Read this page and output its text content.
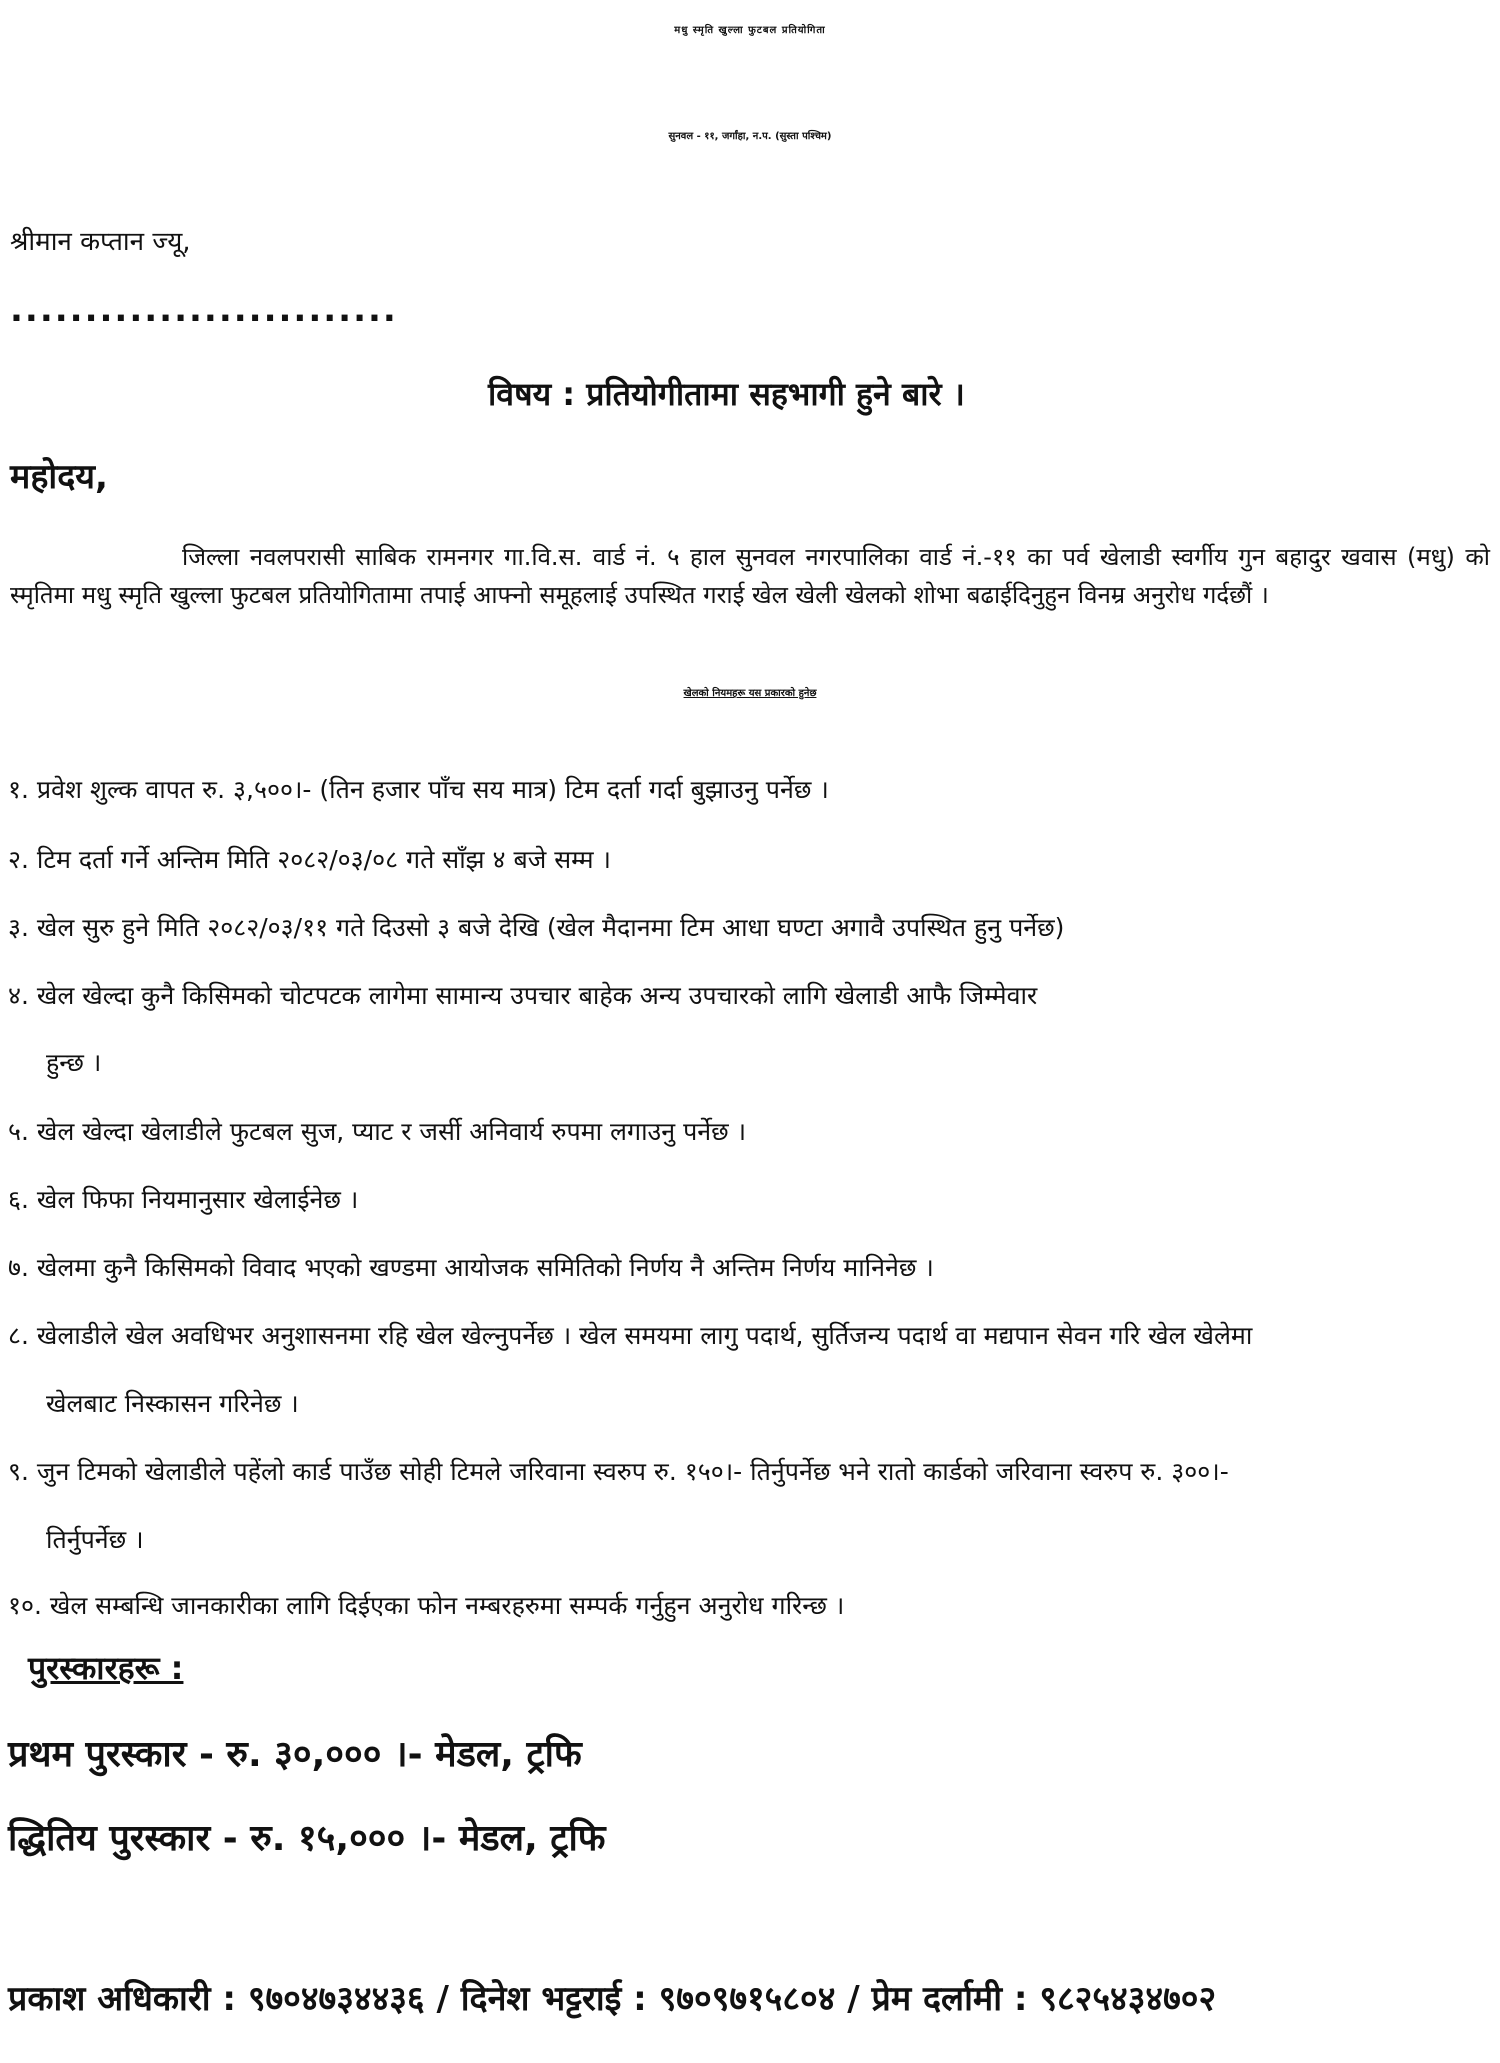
मधु स्मृति खुल्ला फुटबल प्रतियोगिता
सुनवल - ११, जर्गांहा, न.प. (सुस्ता पश्चिम)
श्रीमान कप्तान ज्यू,
..........................
विषय : प्रतियोगीतामा सहभागी हुने बारे ।
महोदय,
जिल्ला नवलपरासी साबिक रामनगर गा.वि.स. वार्ड नं. ५ हाल सुनवल नगरपालिका वार्ड नं.-११ का पर्व खेलाडी स्वर्गीय गुन बहादुर खवास (मधु) को स्मृतिमा मधु स्मृति खुल्ला फुटबल प्रतियोगितामा तपाई आफ्नो समूहलाई उपस्थित गराई खेल खेली खेलको शोभा बढाईदिनुहुन विनम्र अनुरोध गर्दछौं ।
खेलको नियमहरू यस प्रकारको हुनेछ
१. प्रवेश शुल्क वापत रु. ३,५००।- (तिन हजार पाँच सय मात्र) टिम दर्ता गर्दा बुझाउनु पर्नेछ ।
२. टिम दर्ता गर्ने अन्तिम मिति २०८२/०३/०८ गते साँझ ४ बजे सम्म ।
३. खेल सुरु हुने मिति २०८२/०३/११ गते दिउसो ३ बजे देखि (खेल मैदानमा टिम आधा घण्टा अगावै उपस्थित हुनु पर्नेछ)
४. खेल खेल्दा कुनै किसिमको चोटपटक लागेमा सामान्य उपचार बाहेक अन्य उपचारको लागि खेलाडी आफै जिम्मेवार
हुन्छ ।
५. खेल खेल्दा खेलाडीले फुटबल सुज, प्याट र जर्सी अनिवार्य रुपमा लगाउनु पर्नेछ ।
६. खेल फिफा नियमानुसार खेलाईनेछ ।
७. खेलमा कुनै किसिमको विवाद भएको खण्डमा आयोजक समितिको निर्णय नै अन्तिम निर्णय मानिनेछ ।
८. खेलाडीले खेल अवधिभर अनुशासनमा रहि खेल खेल्नुपर्नेछ । खेल समयमा लागु पदार्थ, सुर्तिजन्य पदार्थ वा मद्यपान सेवन गरि खेल खेलेमा
खेलबाट निस्कासन गरिनेछ ।
९. जुन टिमको खेलाडीले पहेंलो कार्ड पाउँछ सोही टिमले जरिवाना स्वरुप रु. १५०।- तिर्नुपर्नेछ भने रातो कार्डको जरिवाना स्वरुप रु. ३००।-
तिर्नुपर्नेछ ।
१०. खेल सम्बन्धि जानकारीका लागि दिईएका फोन नम्बरहरुमा सम्पर्क गर्नुहुन अनुरोध गरिन्छ ।
पुरस्कारहरू :
प्रथम पुरस्कार - रु. ३०,००० ।- मेडल, ट्रफि
द्धितिय पुरस्कार - रु. १५,००० ।- मेडल, ट्रफि
प्रकाश अधिकारी : ९७०४७३४४३६ / दिनेश भट्टराई : ९७०९७१५८०४ / प्रेम दर्लामी : ९८२५४३४७०२
